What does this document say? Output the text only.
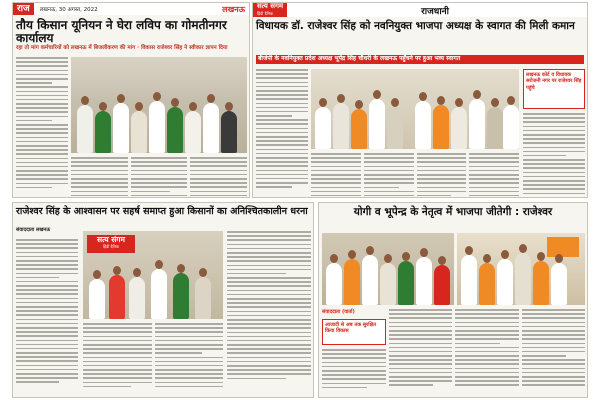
राज	लखनऊ, 30 अगस्त, 2022	लखनऊ
तौय किसान यूनियन ने घेरा लविप का गोमतीनगर कार्यालय
रहा तो मांग कर्मचारियों को लखनऊ में बिजलीकरण की मांग · विकास राजेश्वर सिंह ने स्वीकार ज्ञापन दिया
सत्य संगम
हिंदी दैनिक	राजधानी
विधायक डॉ. राजेश्वर सिंह को नवनियुक्त भाजपा अध्यक्ष के स्वागत की मिली कमान
बीजेपी के नवनियुक्त प्रदेश अध्यक्ष भूपेंद्र सिंह चौधरी के लखनऊ पहुँचने पर हुआ भव्य स्वागत
लखनऊ कोर्ट व विधायक सरोजनी नगर पर राजेश्वर सिंह पहुंचे
राजेश्वर सिंह के आश्वासन पर सहर्ष समाप्त हुआ किसानों का अनिश्चितकालीन धरना
संवाददाता लखनऊ
सत्य संगम
हिंदी दैनिक
योगी व भूपेन्द्र के नेतृत्व में भाजपा जीतेगी : राजेश्वर
संवाददाता (वार्ता)
आजादी से अब तक सुरक्षित किया विकास
